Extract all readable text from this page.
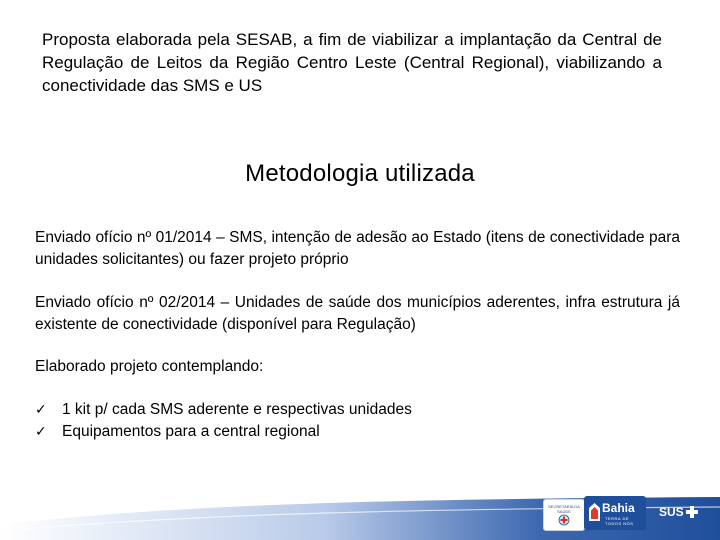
Proposta elaborada pela SESAB, a fim de viabilizar a implantação da Central de Regulação de Leitos da Região Centro Leste (Central Regional), viabilizando a conectividade das SMS e US

Metodologia utilizada

Enviado ofício nº 01/2014 – SMS, intenção de adesão ao Estado (itens de conectividade para unidades solicitantes) ou fazer projeto próprio

Enviado ofício nº 02/2014 – Unidades de saúde dos municípios aderentes, infra estrutura já existente de conectividade (disponível para Regulação)

Elaborado projeto contemplando:

✓ 1 kit p/ cada SMS aderente e respectivas unidades
✓ Equipamentos para a central regional
SECRETARIA DA SAÚDE	Bahia
TERRA DE TODOS NÓS
SUS
